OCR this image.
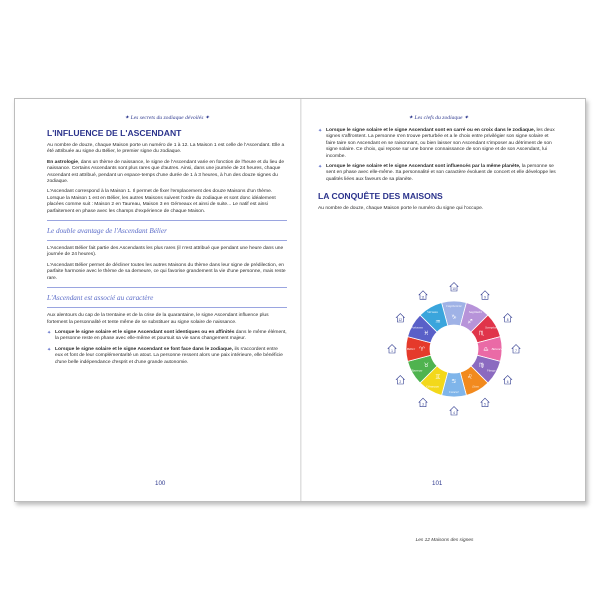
✦ Les secrets du zodiaque dévoilés ✦
L'INFLUENCE DE L'ASCENDANT

Au nombre de douze, chaque Maison porte un numéro de 1 à 12. La Maison 1 est celle de l'Ascendant. Elle a été attribuée au signe du Bélier, le premier signe du zodiaque.

En astrologie, dans un thème de naissance, le signe de l'Ascendant varie en fonction de l'heure et du lieu de naissance. Certains Ascendants sont plus rares que d'autres. Ainsi, dans une journée de 24 heures, chaque Ascendant est attribué, pendant un espace-temps d'une durée de 1 à 3 heures, à l'un des douze signes du zodiaque.

L'Ascendant correspond à la Maison 1. Il permet de fixer l'emplacement des douze Maisons d'un thème. Lorsque la Maison 1 est en Bélier, les autres Maisons suivent l'ordre du zodiaque et sont donc idéalement placées comme suit : Maison 2 en Taureau, Maison 3 en Gémeaux et ainsi de suite... Le natif est ainsi parfaitement en phase avec les champs d'expérience de chaque Maison.

Le double avantage de l'Ascendant Bélier

L'Ascendant Bélier fait partie des Ascendants les plus rares (il n'est attribué que pendant une heure dans une journée de 24 heures).

L'Ascendant Bélier permet de décliner toutes les autres Maisons du thème dans leur signe de prédilection, en parfaite harmonie avec le thème de sa demeure, ce qui favorise grandement la vie d'une personne, mais reste rare.

L'Ascendant est associé au caractère

Aux alentours du cap de la trentaine et de la crise de la quarantaine, le signe Ascendant influence plus fortement la personnalité et tente même de se substituer au signe solaire de naissance.

✦ Lorsque le signe solaire et le signe Ascendant sont identiques ou en affinités dans le même élément, la personne reste en phase avec elle-même et poursuit sa vie sans changement majeur.
✦ Lorsque le signe solaire et le signe Ascendant se font face dans le zodiaque, ils s'accordent entre eux et font de leur complémentarité un atout. La personne ressent alors une paix intérieure, elle bénéficie d'une belle indépendance d'esprit et d'une grande autonomie.
100
✦ Les clefs du zodiaque ✦
✦ Lorsque le signe solaire et le signe Ascendant sont en carré ou en croix dans le zodiaque, les deux signes s'affrontent. La personne s'en trouve perturbée et a le choix entre privilégier son signe solaire et faire taire son Ascendant en se raisonnant, ou bien laisser son Ascendant s'imposer au détriment de son signe solaire. Ce choix, qui repose sur une bonne connaissance de son signe et de son Ascendant, lui incombe.
✦ Lorsque le signe solaire et le signe Ascendant sont influencés par la même planète, la personne se sent en phase avec elle-même. Sa personnalité et son caractère évoluent de concert et elle développe les qualités liées aux faveurs de sa planète.
LA CONQUÊTE DES MAISONS

Au nombre de douze, chaque Maison porte le numéro du signe qui l'occupe.

♑
Capricorne
10
♐
Sagittaire
9
♏
Scorpion
8
♎ Balance	7
♍
Vierge
6
♌
Lion
5
♋
Cancer
4
♊
Gémeaux
3
♉
Taureau
2
♈
Bélier
1
♓
Poissons
12	♒
Verseau
11
Les 12 Maisons des signes
101
